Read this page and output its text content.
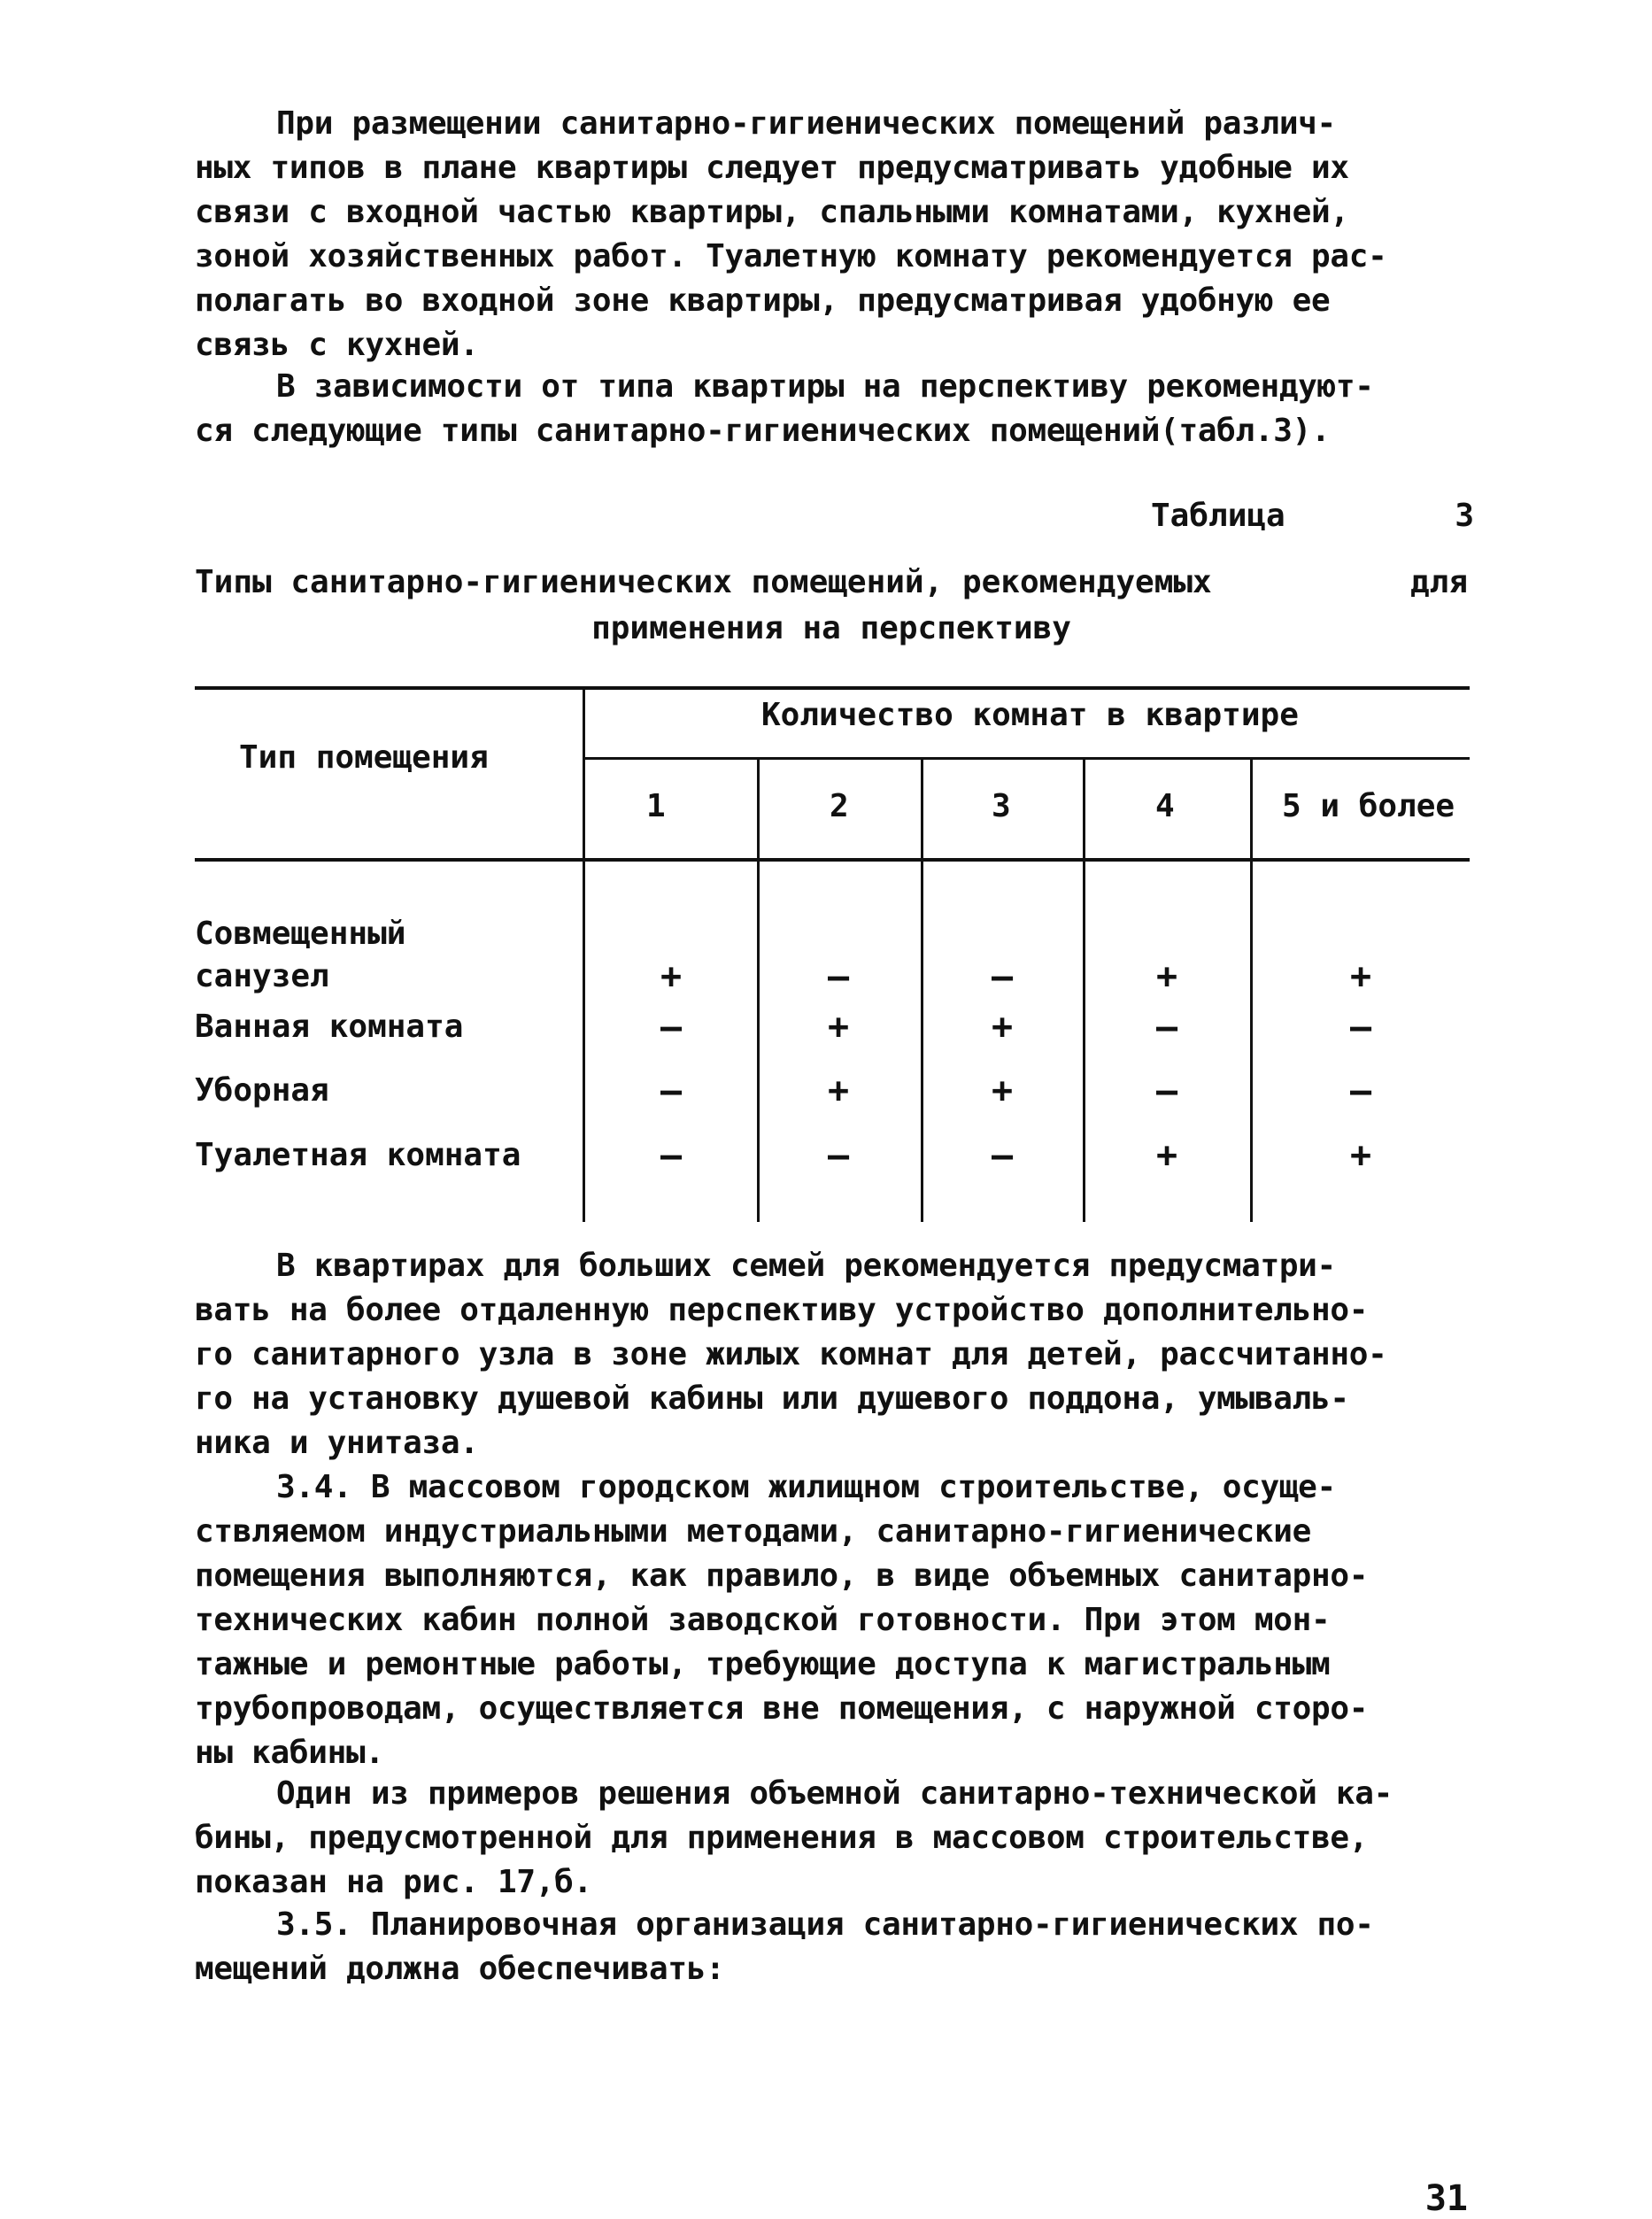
При размещении санитарно-гигиенических помещений различ-
ных типов в плане квартиры следует предусматривать удобные их
связи с входной частью квартиры, спальными комнатами, кухней,
зоной хозяйственных работ. Туалетную комнату рекомендуется рас-
полагать во входной зоне квартиры, предусматривая удобную ее
связь с кухней.
В зависимости от типа квартиры на перспективу рекомендуют-
ся следующие типы санитарно-гигиенических помещений(табл.3).
Таблица	3
Типы санитарно-гигиенических помещений, рекомендуемых	для
применения на перспективу
Тип помещения
Количество комнат в квартире
1	2	3	4	5 и более
Совмещенный
санузел	+	–	–	+	+
Ванная комната	–	+	+	–	–
Уборная	–	+	+	–	–
Туалетная комната	–	–	–	+	+
В квартирах для больших семей рекомендуется предусматри-
вать на более отдаленную перспективу устройство дополнительно-
го санитарного узла в зоне жилых комнат для детей, рассчитанно-
го на установку душевой кабины или душевого поддона, умываль-
ника и унитаза.
3.4. В массовом городском жилищном строительстве, осуще-
ствляемом индустриальными методами, санитарно-гигиенические
помещения выполняются, как правило, в виде объемных санитарно-
технических кабин полной заводской готовности. При этом мон-
тажные и ремонтные работы, требующие доступа к магистральным
трубопроводам, осуществляется вне помещения, с наружной сторо-
ны кабины.
Один из примеров решения объемной санитарно-технической ка-
бины, предусмотренной для применения в массовом строительстве,
показан на рис. 17,б.
3.5. Планировочная организация санитарно-гигиенических по-
мещений должна обеспечивать:
31
